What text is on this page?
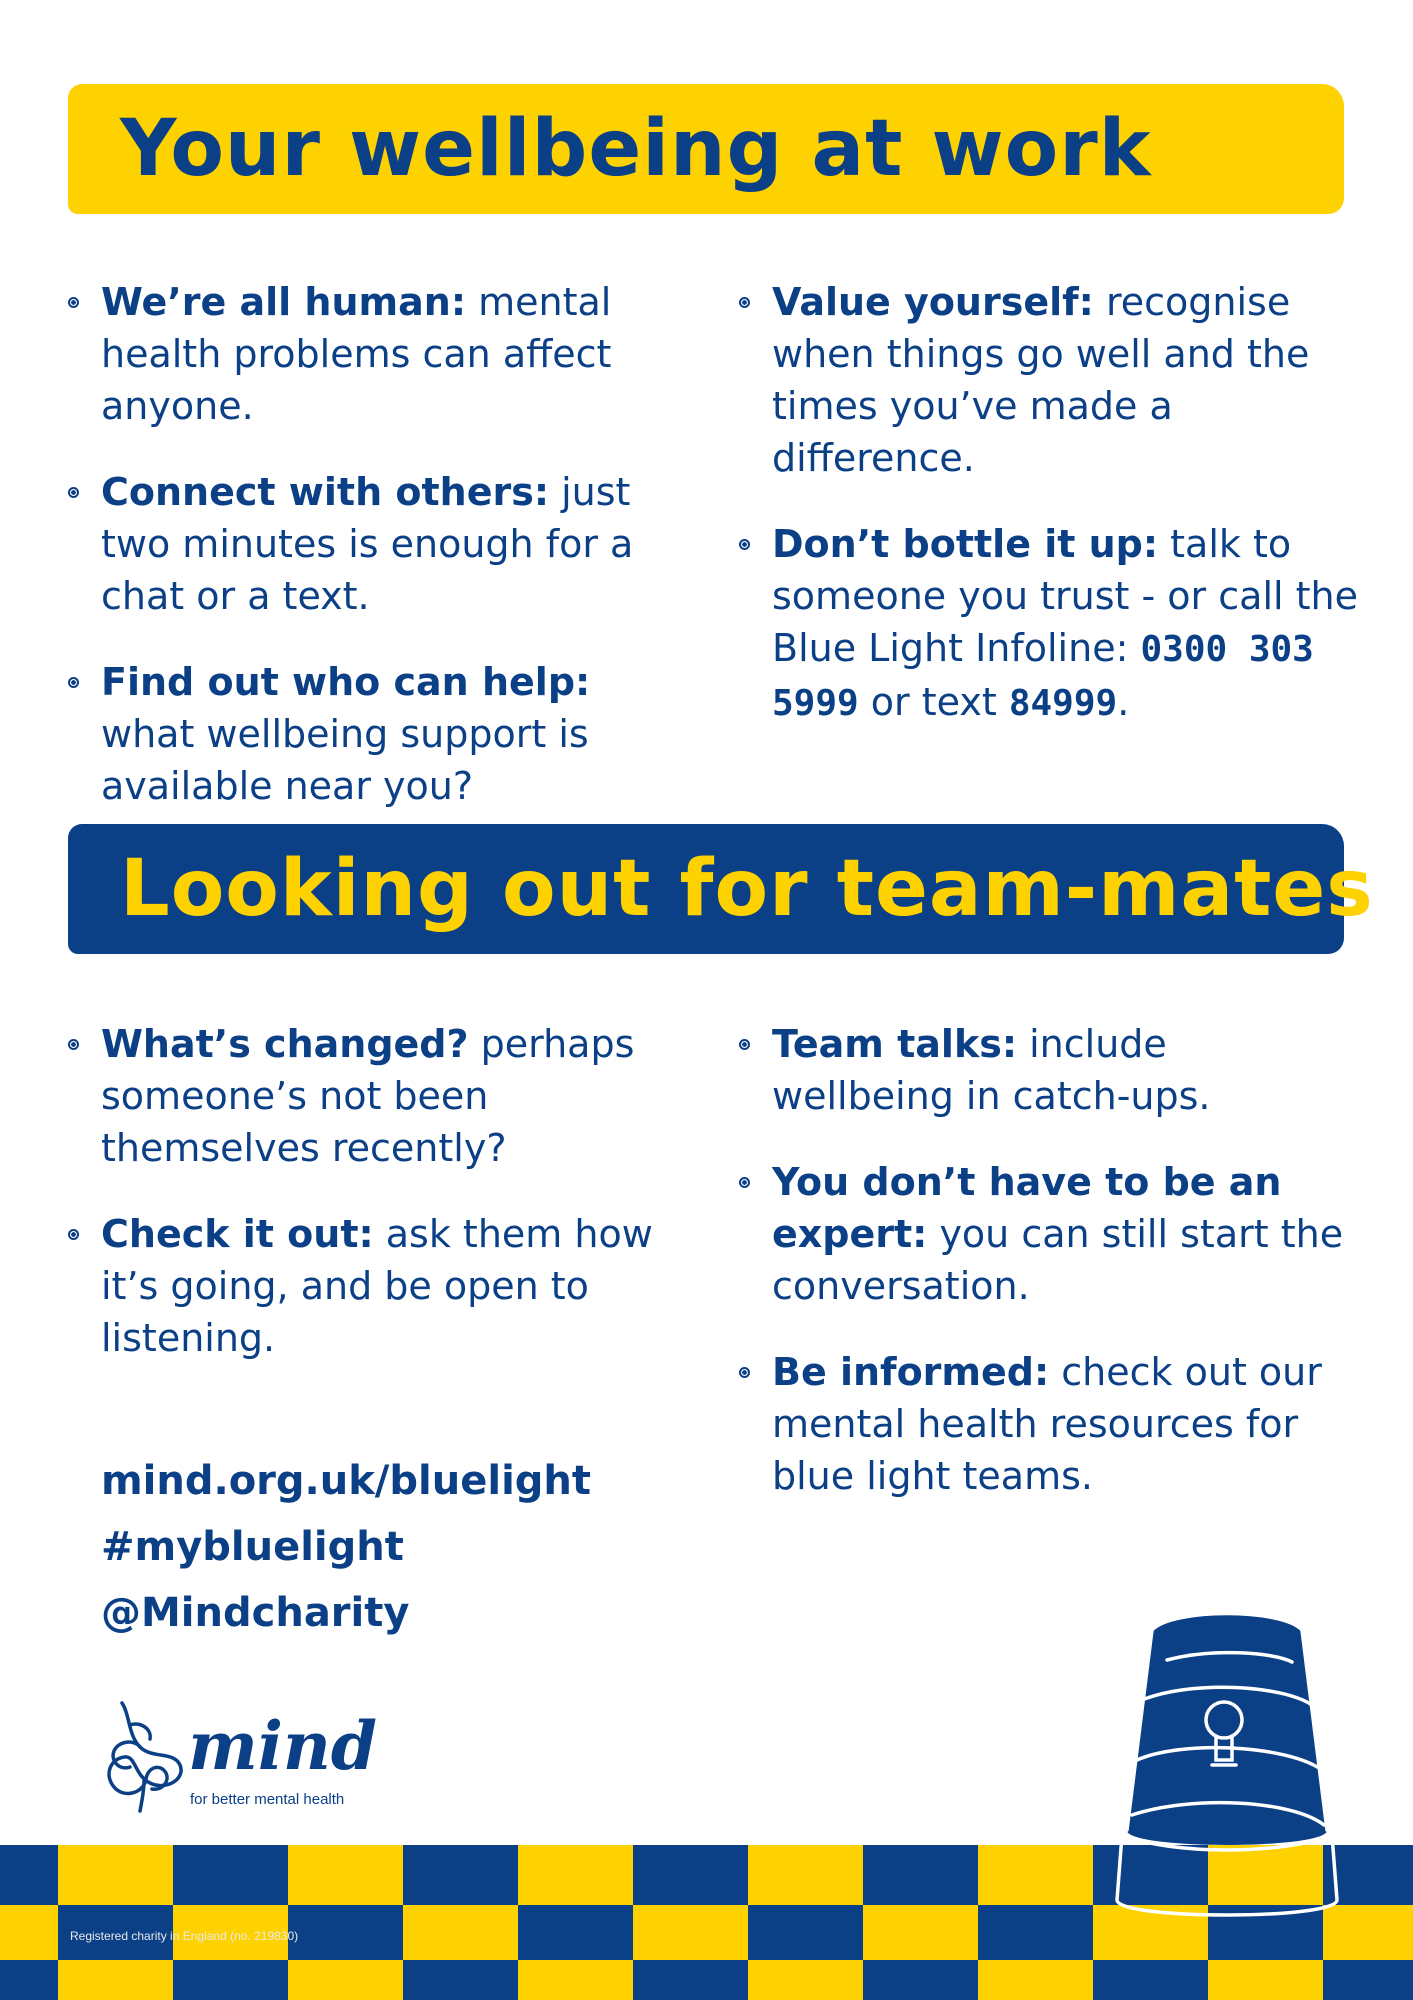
Your wellbeing at work
We’re all human: mental health problems can affect anyone.
Connect with others: just two minutes is enough for a chat or a text.
Find out who can help: what wellbeing support is available near you?
Value yourself: recognise when things go well and the times you’ve made a difference.
Don’t bottle it up: talk to someone you trust - or call the Blue Light Infoline: 0300 303 5999 or text 84999.
Looking out for team-mates
What’s changed? perhaps someone’s not been themselves recently?
Check it out: ask them how it’s going, and be open to listening.
Team talks: include wellbeing in catch-ups.
You don’t have to be an expert: you can still start the conversation.
Be informed: check out our mental health resources for blue light teams.
mind.org.uk/bluelight
#mybluelight
@Mindcharity
mind
for better mental health
Registered charity in England (no. 219830)
